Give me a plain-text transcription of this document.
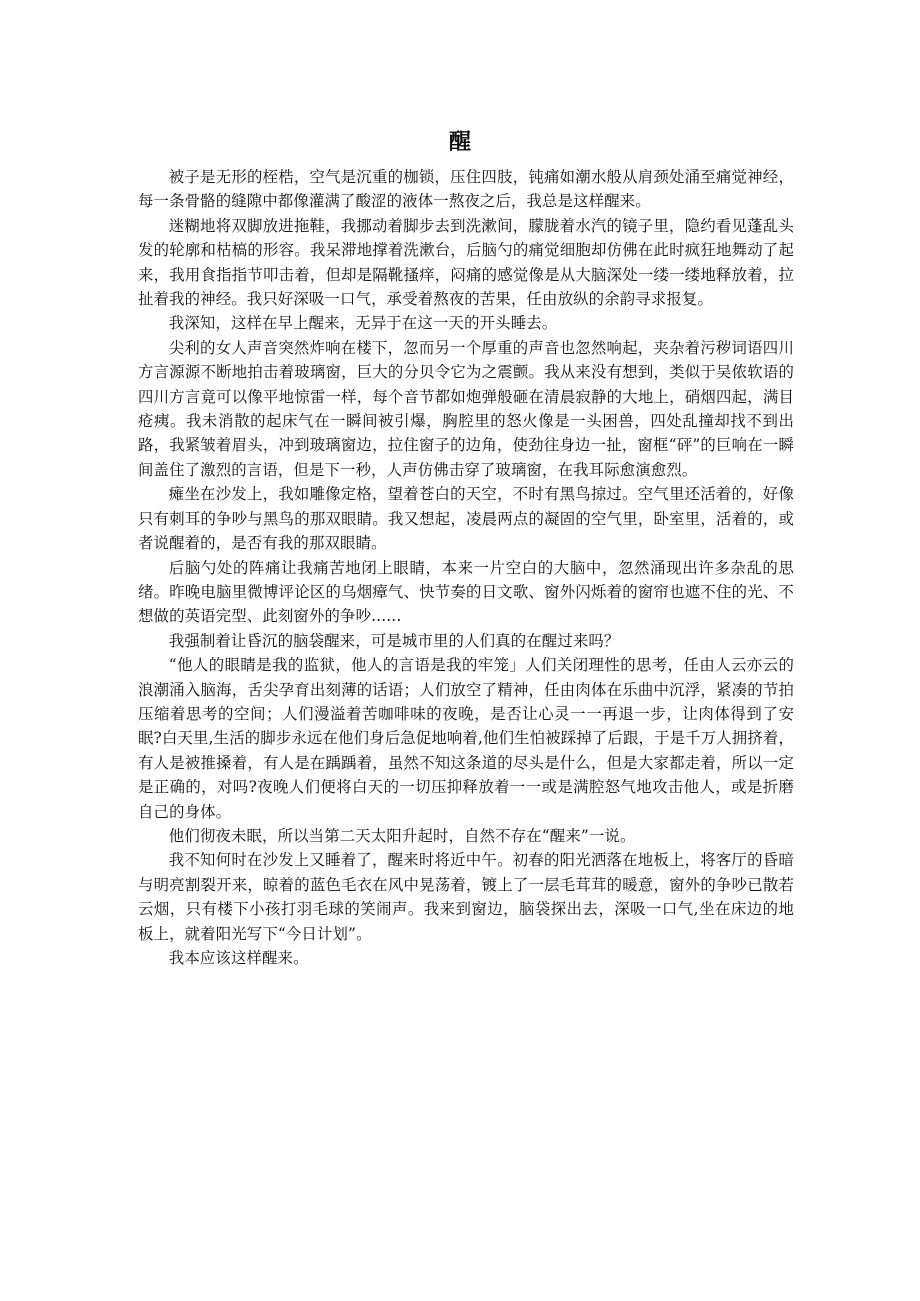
醒

被子是无形的桎梏，空气是沉重的枷锁，压住四肢，钝痛如潮水般从肩颈处涌至痛觉神经，每一条骨骼的缝隙中都像灌满了酸涩的液体一熬夜之后，我总是这样醒来。

迷糊地将双脚放进拖鞋，我挪动着脚步去到洗漱间，朦胧着水汽的镜子里，隐约看见蓬乱头发的轮廓和枯槁的形容。我呆滞地撑着洗漱台，后脑勺的痛觉细胞却仿佛在此时疯狂地舞动了起来，我用食指指节叩击着，但却是隔靴搔痒，闷痛的感觉像是从大脑深处一缕一缕地释放着，拉扯着我的神经。我只好深吸一口气，承受着熬夜的苦果，任由放纵的余韵寻求报复。

我深知，这样在早上醒来，无异于在这一天的开头睡去。

尖利的女人声音突然炸响在楼下，忽而另一个厚重的声音也忽然响起，夹杂着污秽词语四川方言源源不断地拍击着玻璃窗，巨大的分贝令它为之震颤。我从来没有想到，类似于吴侬软语的四川方言竟可以像平地惊雷一样，每个音节都如炮弹般砸在清晨寂静的大地上，硝烟四起，满目疮痍。我未消散的起床气在一瞬间被引爆，胸腔里的怒火像是一头困兽，四处乱撞却找不到出路，我紧皱着眉头，冲到玻璃窗边，拉住窗子的边角，使劲往身边一扯，窗框“砰”的巨响在一瞬间盖住了激烈的言语，但是下一秒，人声仿佛击穿了玻璃窗，在我耳际愈演愈烈。

瘫坐在沙发上，我如雕像定格，望着苍白的天空，不时有黑鸟掠过。空气里还活着的，好像只有刺耳的争吵与黑鸟的那双眼睛。我又想起，凌晨两点的凝固的空气里，卧室里，活着的，或者说醒着的，是否有我的那双眼睛。

后脑勺处的阵痛让我痛苦地闭上眼睛，本来一片空白的大脑中，忽然涌现出许多杂乱的思绪。昨晚电脑里微博评论区的乌烟瘴气、快节奏的日文歌、窗外闪烁着的窗帘也遮不住的光、不想做的英语完型、此刻窗外的争吵......

我强制着让昏沉的脑袋醒来，可是城市里的人们真的在醒过来吗？

“他人的眼睛是我的监狱，他人的言语是我的牢笼」人们关闭理性的思考，任由人云亦云的浪潮涌入脑海，舌尖孕育出刻薄的话语；人们放空了精神，任由肉体在乐曲中沉浮，紧凑的节拍压缩着思考的空间；人们漫溢着苦咖啡味的夜晚，是否让心灵一一再退一步，让肉体得到了安眠?白天里,生活的脚步永远在他们身后急促地响着,他们生怕被踩掉了后跟，于是千万人拥挤着，有人是被推搡着，有人是在踽踽着，虽然不知这条道的尽头是什么，但是大家都走着，所以一定是正确的，对吗?夜晚人们便将白天的一切压抑释放着一一或是满腔怒气地攻击他人，或是折磨自己的身体。

他们彻夜未眠，所以当第二天太阳升起时，自然不存在“醒来”一说。

我不知何时在沙发上又睡着了，醒来时将近中午。初春的阳光洒落在地板上，将客厅的昏暗与明亮割裂开来，晾着的蓝色毛衣在风中晃荡着，镀上了一层毛茸茸的暖意，窗外的争吵已散若云烟，只有楼下小孩打羽毛球的笑闹声。我来到窗边，脑袋探出去，深吸一口气,坐在床边的地板上，就着阳光写下“今日计划”。

我本应该这样醒来。
